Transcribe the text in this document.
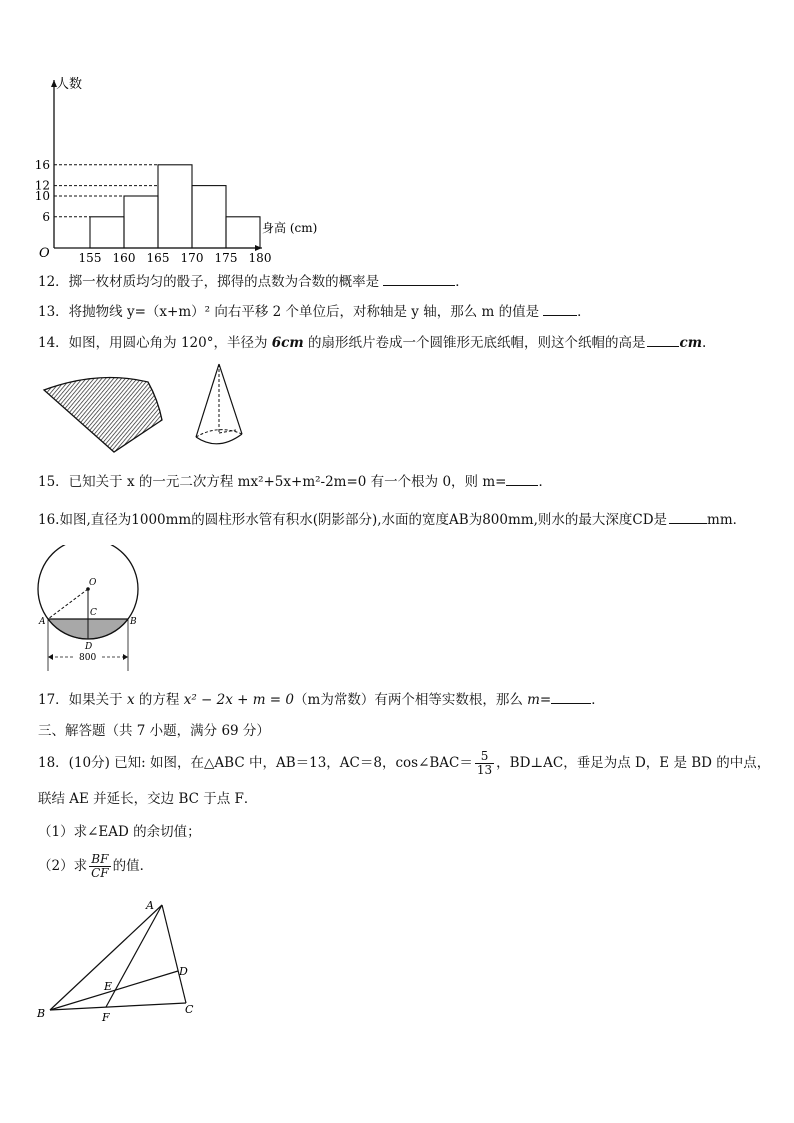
6
10
12
16
155 160 165 170 175 180
人数
身高 (cm)
O
12．掷一枚材质均匀的骰子，掷得的点数为合数的概率是	．
13．将抛物线 y=（x+m）² 向右平移 2 个单位后，对称轴是 y 轴，那么 m 的值是	．
14．如图，用圆心角为 120°，半径为 6cm 的扇形纸片卷成一个圆锥形无底纸帽，则这个纸帽的高是	cm.
15．已知关于 x 的一元二次方程 mx²+5x+m²-2m=0 有一个根为 0，则 m= ．
16.如图,直径为1000mm的圆柱形水管有积水(阴影部分),水面的宽度AB为800mm,则水的最大深度CD是	mm．
O
C
A	B
D
800
17．如果关于 x 的方程 x² − 2x + m = 0（m为常数）有两个相等实数根，那么 m=	．
三、解答题（共 7 小题，满分 69 分）
18．(10分) 已知: 如图，在△ABC 中，AB＝13，AC＝8，cos∠BAC＝ $\frac{5}{13}$ ，BD⊥AC，垂足为点 D，E 是 BD 的中点，
联结 AE 并延长，交边 BC 于点 F．
（1）求∠EAD 的余切值；
（2）求 $\frac{BF}{CF}$ 的值．
A
B	C
D
E
F
